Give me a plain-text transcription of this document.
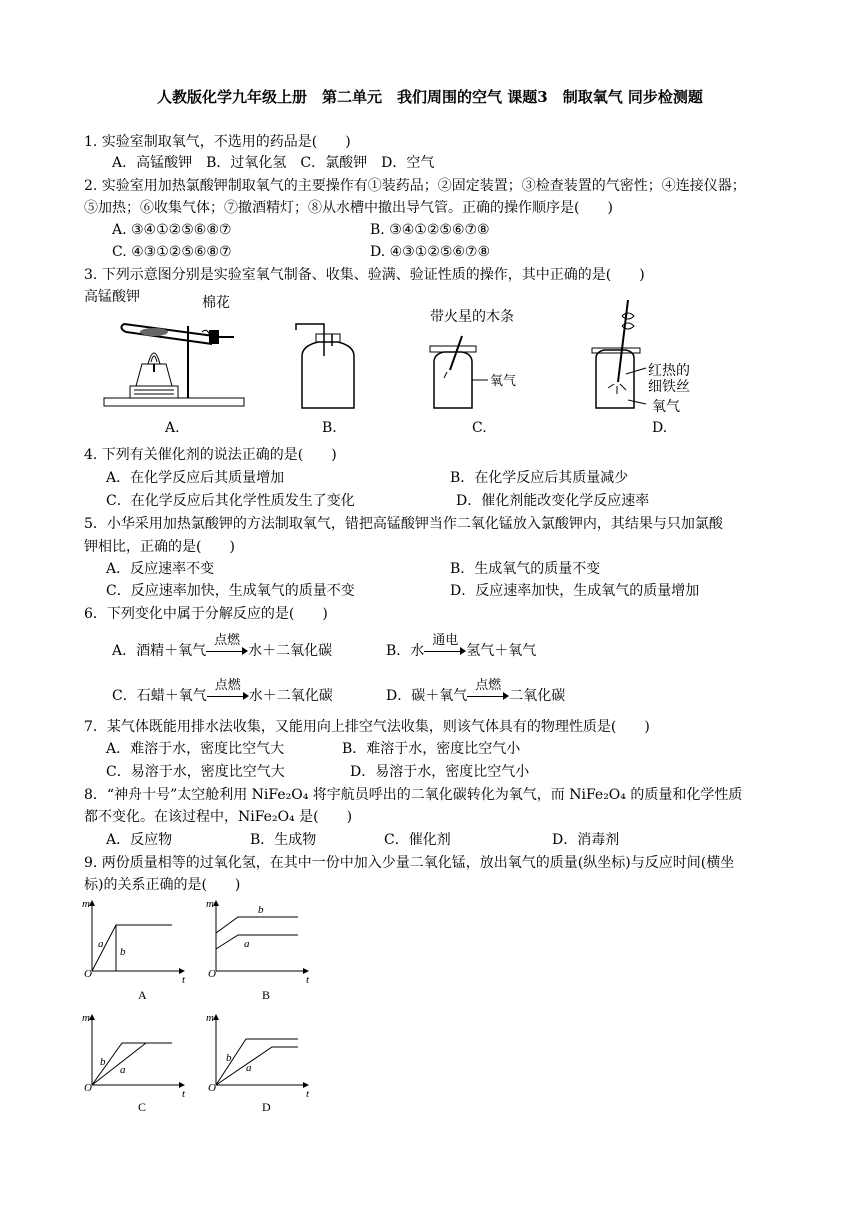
人教版化学九年级上册　第二单元　我们周围的空气 课题3　制取氧气 同步检测题
1. 实验室制取氧气，不选用的药品是(　　)
A．高锰酸钾　B．过氧化氢　C．氯酸钾　D．空气
2. 实验室用加热氯酸钾制取氧气的主要操作有①装药品；②固定装置；③检查装置的气密性；④连接仪器；
⑤加热；⑥收集气体；⑦撤酒精灯；⑧从水槽中撤出导气管。正确的操作顺序是(　　)
A. ③④①②⑤⑥⑧⑦	B. ③④①②⑤⑥⑦⑧
C. ④③①②⑤⑥⑧⑦	D. ④③①②⑤⑥⑦⑧
3. 下列示意图分别是实验室氧气制备、收集、验满、验证性质的操作，其中正确的是(　　)
高锰酸钾	棉花
A.	B.
带火星的木条
氧气
C.
红热的
细铁丝
氧气
D.
4. 下列有关催化剂的说法正确的是(　　)
A．在化学反应后其质量增加	B．在化学反应后其质量减少
C．在化学反应后其化学性质发生了变化	D．催化剂能改变化学反应速率
5．小华采用加热氯酸钾的方法制取氧气，错把高锰酸钾当作二氧化锰放入氯酸钾内，其结果与只加氯酸
钾相比，正确的是(　　)
A．反应速率不变	B．生成氧气的质量不变
C．反应速率加快，生成氧气的质量不变	D．反应速率加快，生成氧气的质量增加
6．下列变化中属于分解反应的是(　　)
A．酒精＋氧气
点燃
水＋二氧化碳	B．水
通电
氢气＋氧气
C．石蜡＋氧气
点燃
水＋二氧化碳	D．碳＋氧气
点燃
二氧化碳
7．某气体既能用排水法收集，又能用向上排空气法收集，则该气体具有的物理性质是(　　)
A．难溶于水，密度比空气大	B．难溶于水，密度比空气小
C．易溶于水，密度比空气大	D．易溶于水，密度比空气小
8．“神舟十号”太空舱利用 NiFe₂O₄ 将宇航员呼出的二氧化碳转化为氧气，而 NiFe₂O₄ 的质量和化学性质
都不变化。在该过程中，NiFe₂O₄ 是(　　)
A．反应物	B．生成物	C．催化剂	D．消毒剂
9. 两份质量相等的过氧化氢，在其中一份中加入少量二氧化锰，放出氧气的质量(纵坐标)与反应时间(横坐
标)的关系正确的是(　　)
m
O	t
a
b
A
m
O	t
b
a
B
m
O	t
b
a
C
m
O	t
b
a
D
